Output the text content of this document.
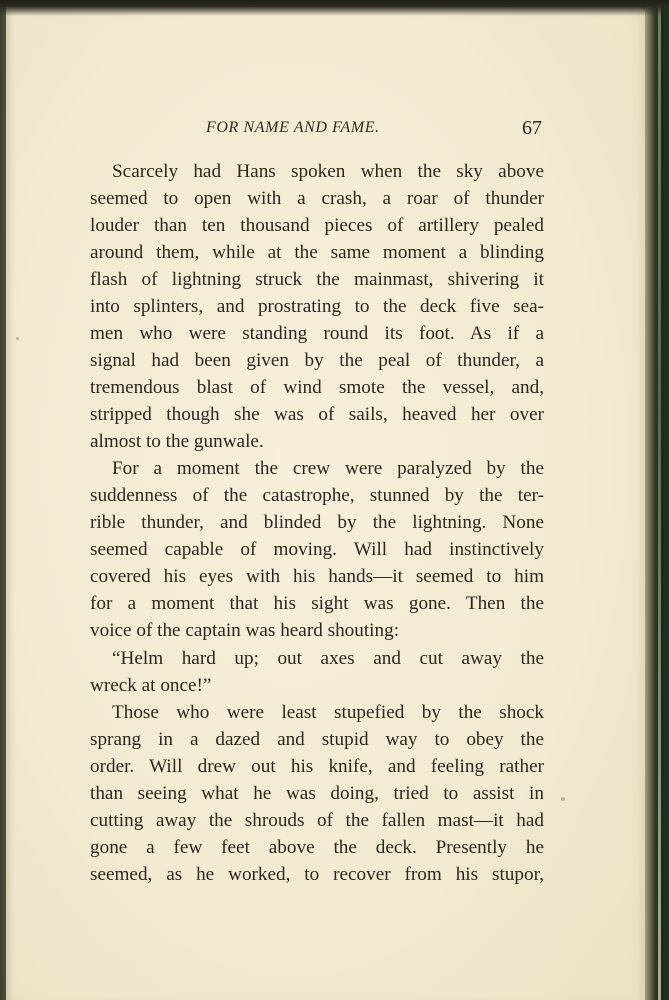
FOR NAME AND FAME.	67
Scarcely had Hans spoken when the sky above
seemed to open with a crash, a roar of thunder
louder than ten thousand pieces of artillery pealed
around them, while at the same moment a blinding
flash of lightning struck the mainmast, shivering it
into splinters, and prostrating to the deck five sea-
men who were standing round its foot. As if a
signal had been given by the peal of thunder, a
tremendous blast of wind smote the vessel, and,
stripped though she was of sails, heaved her over
almost to the gunwale.
For a moment the crew were paralyzed by the
suddenness of the catastrophe, stunned by the ter-
rible thunder, and blinded by the lightning. None
seemed capable of moving. Will had instinctively
covered his eyes with his hands—it seemed to him
for a moment that his sight was gone. Then the
voice of the captain was heard shouting:
“Helm hard up; out axes and cut away the
wreck at once!”
Those who were least stupefied by the shock
sprang in a dazed and stupid way to obey the
order. Will drew out his knife, and feeling rather
than seeing what he was doing, tried to assist in
cutting away the shrouds of the fallen mast—it had
gone a few feet above the deck. Presently he
seemed, as he worked, to recover from his stupor,
